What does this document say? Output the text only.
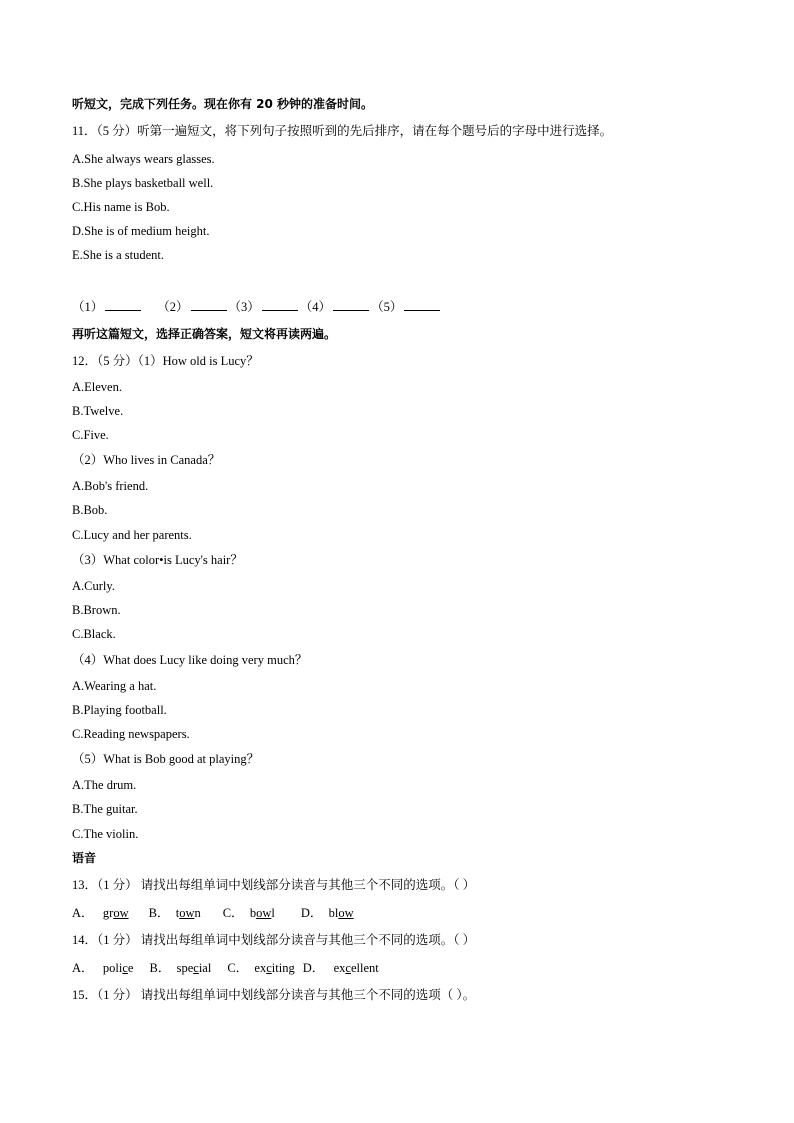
听短文，完成下列任务。现在你有 20 秒钟的准备时间。
11．（5 分）听第一遍短文，将下列句子按照听到的先后排序，请在每个题号后的字母中进行选择。
A.She always wears glasses.
B.She plays basketball well.
C.His name is Bob.
D.She is of medium height.
E.She is a student.
（1）	（2）	（3）	（4）	（5）
再听这篇短文，选择正确答案，短文将再读两遍。
12．（5 分）（1）How old is Lucy？
A.Eleven.
B.Twelve.
C.Five.
（2）Who lives in Canada？
A.Bob's friend.
B.Bob.
C.Lucy and her parents.
（3）What color•is Lucy's hair？
A.Curly.
B.Brown.
C.Black.
（4）What does Lucy like doing very much？
A.Wearing a hat.
B.Playing football.
C.Reading newspapers.
（5）What is Bob good at playing？
A.The drum.
B.The guitar.
C.The violin.
语音
13．（1 分） 请找出每组单词中划线部分读音与其他三个不同的选项。（ ）
A． grow B． town C． bowl D． blow
14．（1 分） 请找出每组单词中划线部分读音与其他三个不同的选项。（ ）
A． police B． special C． exciting D． excellent
15．（1 分） 请找出每组单词中划线部分读音与其他三个不同的选项（ ）。
